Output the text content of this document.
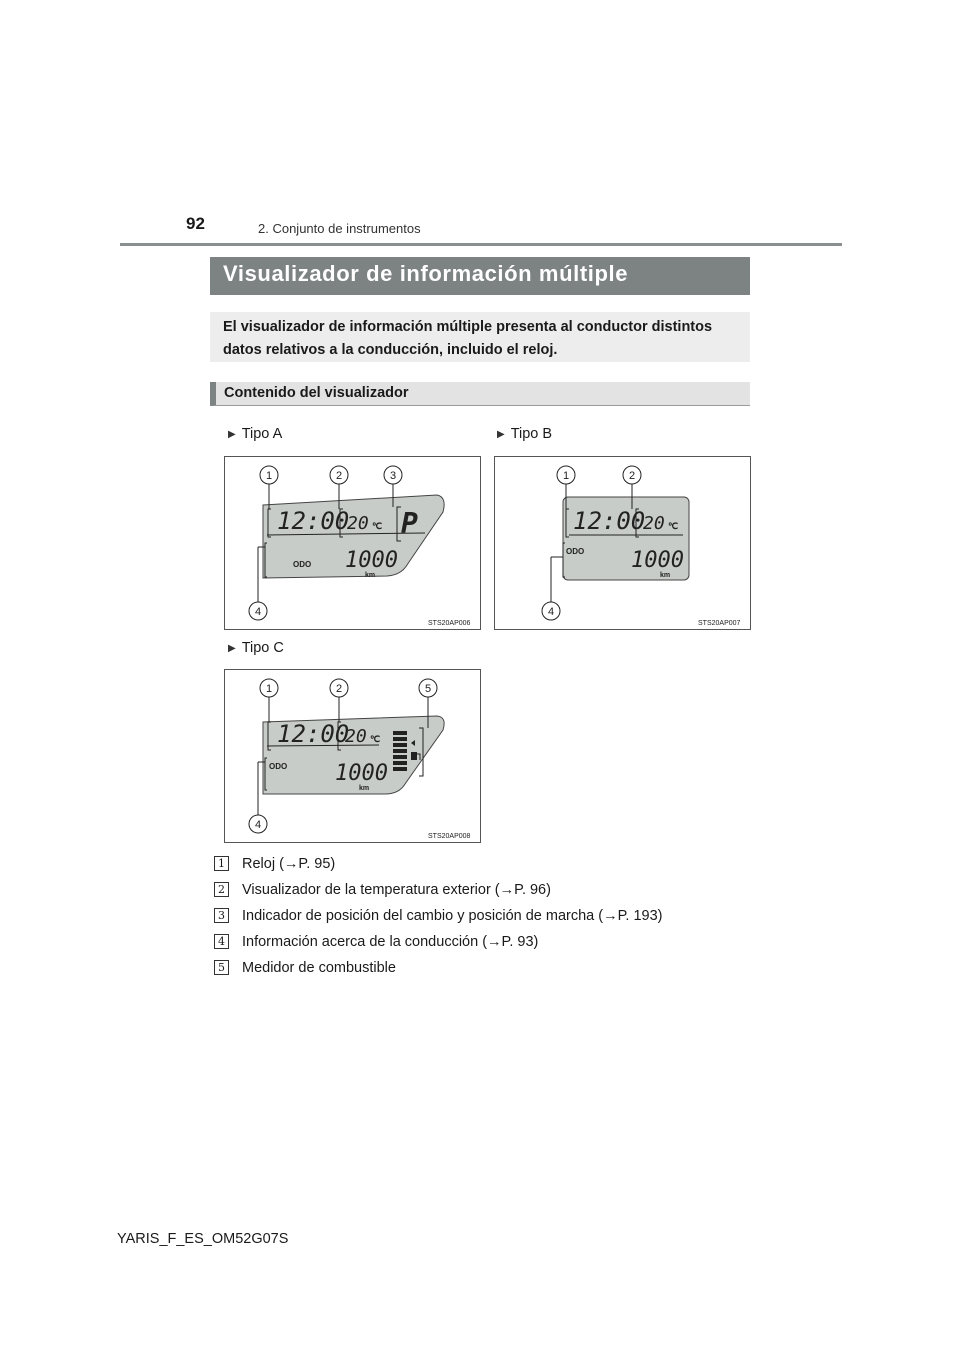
92	2. Conjunto de instrumentos
Visualizador de información múltiple
El visualizador de información múltiple presenta al conductor distintos
datos relativos a la conducción, incluido el reloj.
Contenido del visualizador
▶ Tipo A	▶ Tipo B
12:00
20 ℃ P
ODO 1000
km
1	2	3
4
STS20AP006
12:00
20 ℃
ODO 1000
km
1	2
4
STS20AP007
▶ Tipo C
12:00
20 ℃
ODO 1000
km
1	2	5
4
STS20AP008
1 Reloj (→P. 95)
2 Visualizador de la temperatura exterior (→P. 96)
3 Indicador de posición del cambio y posición de marcha (→P. 193)
4 Información acerca de la conducción (→P. 93)
5 Medidor de combustible
YARIS_F_ES_OM52G07S
